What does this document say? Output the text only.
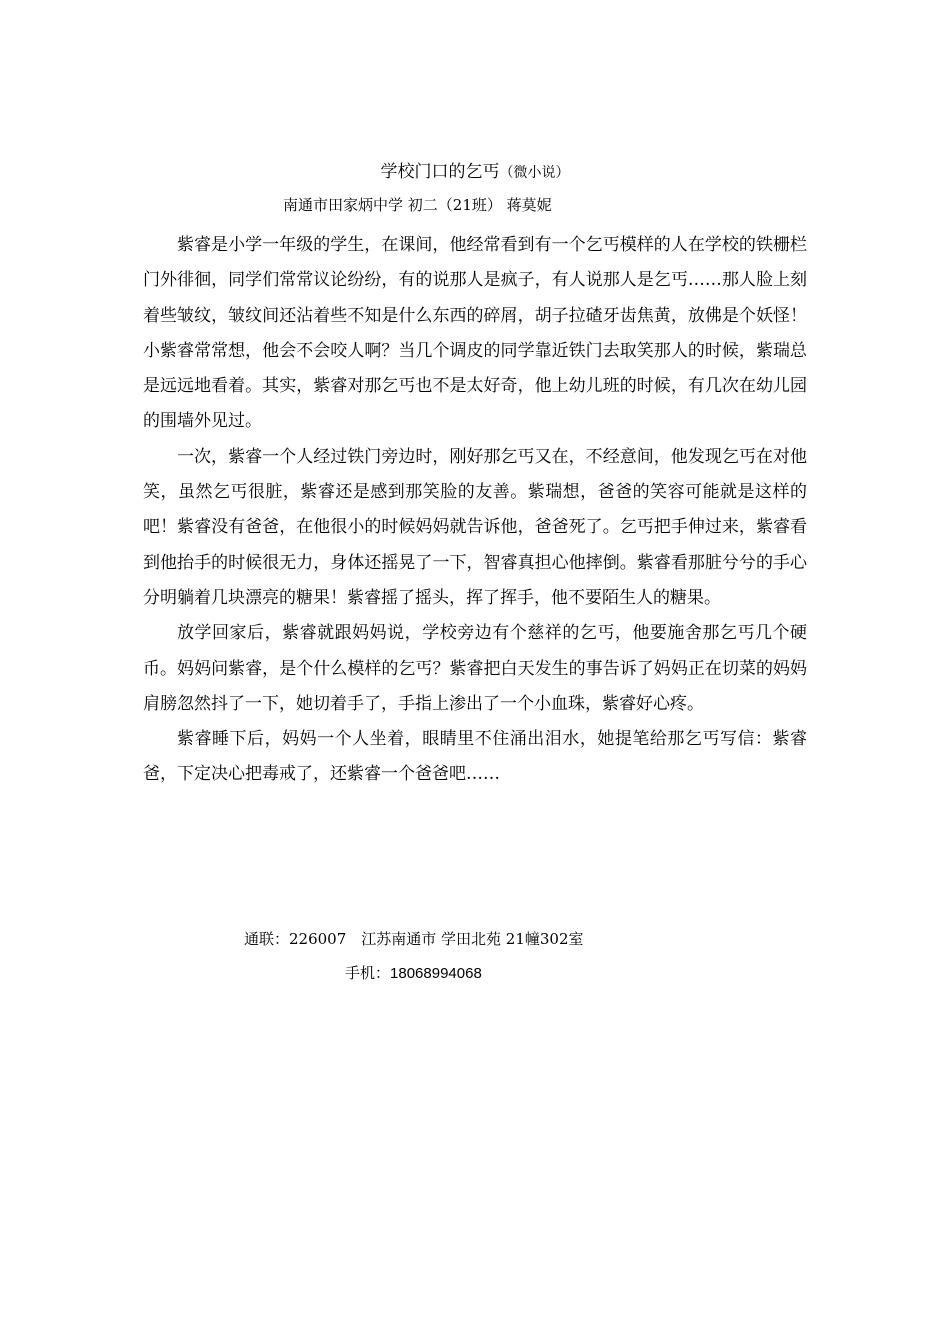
学校门口的乞丐（微小说）
南通市田家炳中学 初二（21班） 蒋莫妮

紫睿是小学一年级的学生，在课间，他经常看到有一个乞丐模样的人在学校的铁栅栏门外徘徊，同学们常常议论纷纷，有的说那人是疯子，有人说那人是乞丐……那人脸上刻着些皱纹，皱纹间还沾着些不知是什么东西的碎屑，胡子拉碴牙齿焦黄，放佛是个妖怪！小紫睿常常想，他会不会咬人啊？当几个调皮的同学靠近铁门去取笑那人的时候，紫瑞总是远远地看着。其实，紫睿对那乞丐也不是太好奇，他上幼儿班的时候，有几次在幼儿园的围墙外见过。

一次，紫睿一个人经过铁门旁边时，刚好那乞丐又在，不经意间，他发现乞丐在对他笑，虽然乞丐很脏，紫睿还是感到那笑脸的友善。紫瑞想，爸爸的笑容可能就是这样的吧！紫睿没有爸爸，在他很小的时候妈妈就告诉他，爸爸死了。乞丐把手伸过来，紫睿看到他抬手的时候很无力，身体还摇晃了一下，智睿真担心他摔倒。紫睿看那脏兮兮的手心分明躺着几块漂亮的糖果！紫睿摇了摇头，挥了挥手，他不要陌生人的糖果。

放学回家后，紫睿就跟妈妈说，学校旁边有个慈祥的乞丐，他要施舍那乞丐几个硬币。妈妈问紫睿，是个什么模样的乞丐？紫睿把白天发生的事告诉了妈妈正在切菜的妈妈肩膀忽然抖了一下，她切着手了，手指上渗出了一个小血珠，紫睿好心疼。

紫睿睡下后，妈妈一个人坐着，眼睛里不住涌出泪水，她提笔给那乞丐写信：紫睿爸，下定决心把毒戒了，还紫睿一个爸爸吧……

通联：226007　江苏南通市 学田北苑 21幢302室
手机：18068994068
